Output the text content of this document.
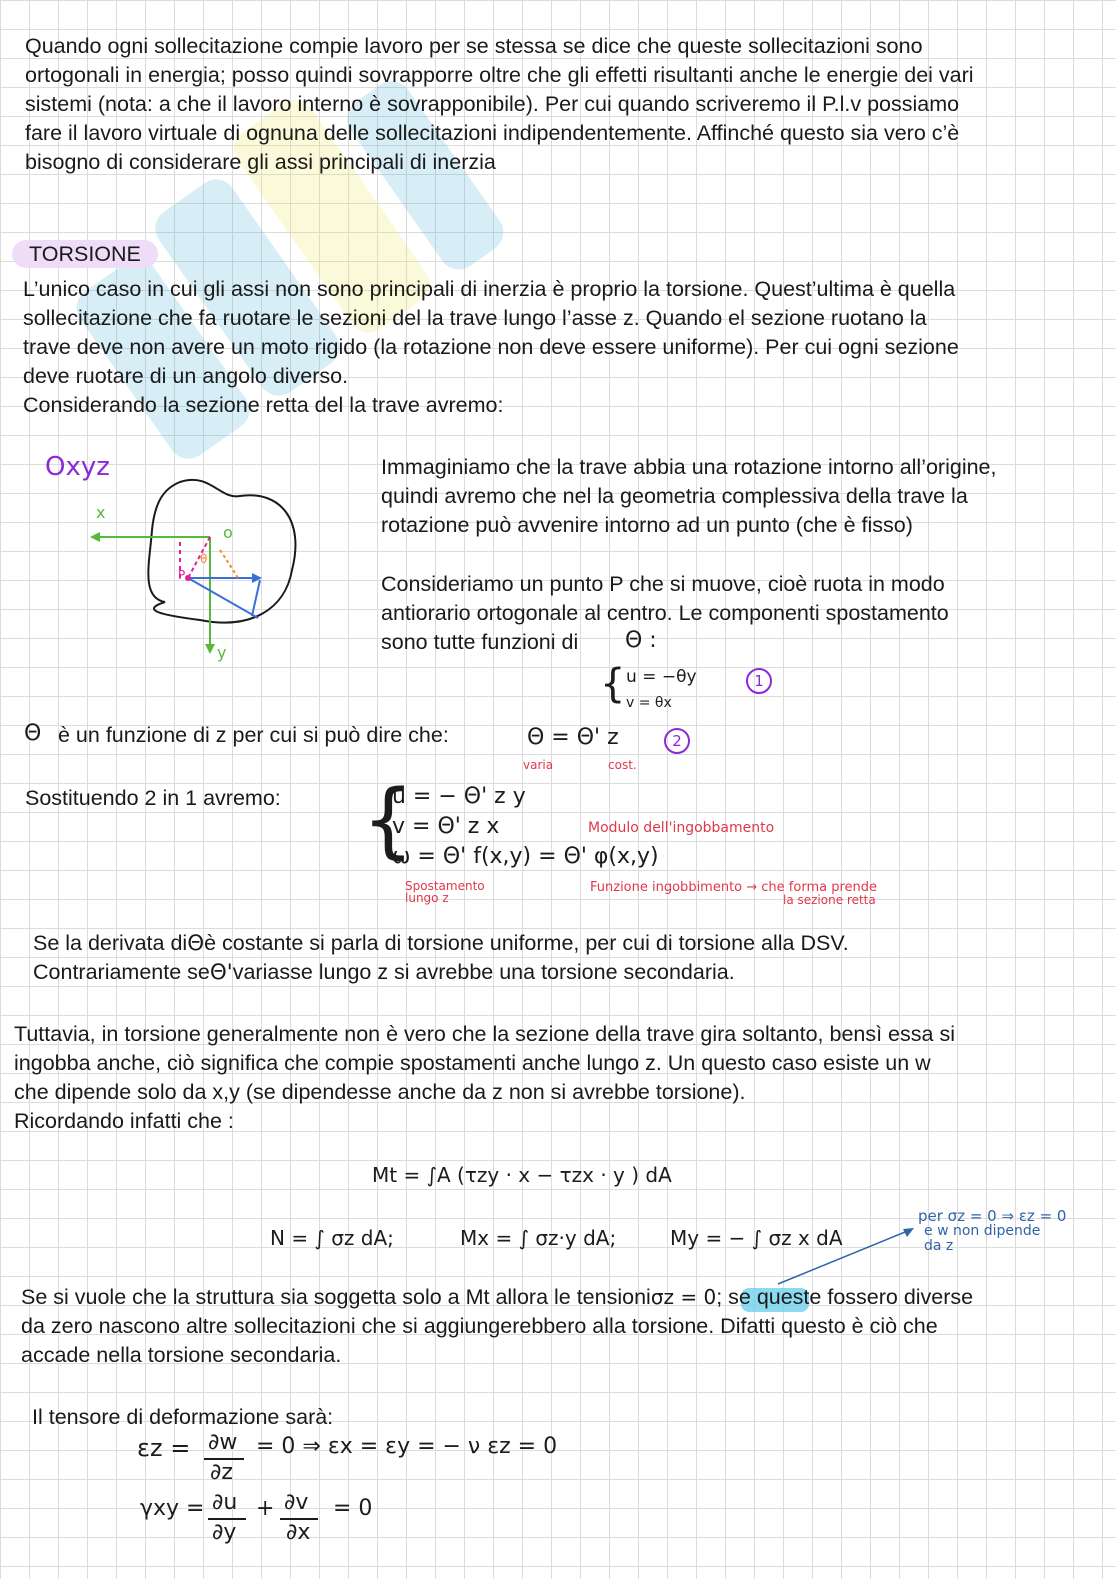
Quando ogni sollecitazione compie lavoro per se stessa se dice che queste sollecitazioni sono
ortogonali in energia; posso quindi sovrapporre oltre che gli effetti risultanti anche le energie dei vari
sistemi (nota: a che il lavoro interno è sovrapponibile). Per cui quando scriveremo il P.l.v possiamo
fare il lavoro virtuale di ognuna delle sollecitazioni indipendentemente. Affinché questo sia vero c’è
bisogno di considerare gli assi principali di inerzia
TORSIONE
L’unico caso in cui gli assi non sono principali di inerzia è proprio la torsione. Quest’ultima è quella
sollecitazione che fa ruotare le sezioni del la trave lungo l’asse z. Quando el sezione ruotano la
trave deve non avere un moto rigido (la rotazione non deve essere uniforme). Per cui ogni sezione
deve ruotare di un angolo diverso.
Considerando la sezione retta del la trave avremo:
Oxyz
x
y
o
P
θ
Immaginiamo che la trave abbia una rotazione intorno all’origine,
quindi avremo che nel la geometria complessiva della trave la
rotazione può avvenire intorno ad un punto (che è fisso)
Consideriamo un punto P che si muove, cioè ruota in modo
antiorario ortogonale al centro. Le componenti spostamento
sono tutte funzioni di	Θ :
{ u = −θy
v = θx
1
Θ è un funzione di z per cui si può dire che:	Θ = Θ' z	2
varia	cost.
Sostituendo 2 in 1 avremo: {
u = − Θ' z y
v = Θ' z x
ω = Θ' f(x,y) = Θ' φ(x,y)
Modulo dell'ingobbamento
Spostamento
lungo z
Funzione ingobbimento → che forma prende
la sezione retta
Se la derivata diΘè costante si parla di torsione uniforme, per cui di torsione alla DSV.
Contrariamente seΘ'variasse lungo z si avrebbe una torsione secondaria.
Tuttavia, in torsione generalmente non è vero che la sezione della trave gira soltanto, bensì essa si
ingobba anche, ciò significa che compie spostamenti anche lungo z. Un questo caso esiste un w
che dipende solo da x,y (se dipendesse anche da z non si avrebbe torsione).
Ricordando infatti che :
Mt = ∫A (τzy · x − τzx · y ) dA
N = ∫ σz dA;	Mx = ∫ σz·y dA;	My = − ∫ σz x dA
per σz = 0 ⇒ εz = 0
e w non dipende
da z
Se si vuole che la struttura sia soggetta solo a Mt allora le tensioniσz = 0; se queste fossero diverse
da zero nascono altre sollecitazioni che si aggiungerebbero alla torsione. Difatti questo è ciò che
accade nella torsione secondaria.
Il tensore di deformazione sarà:
εz = ∂w
∂z
= 0 ⇒ εx = εy = − ν εz = 0
γxy = ∂u
∂y
+ ∂v
∂x
= 0
